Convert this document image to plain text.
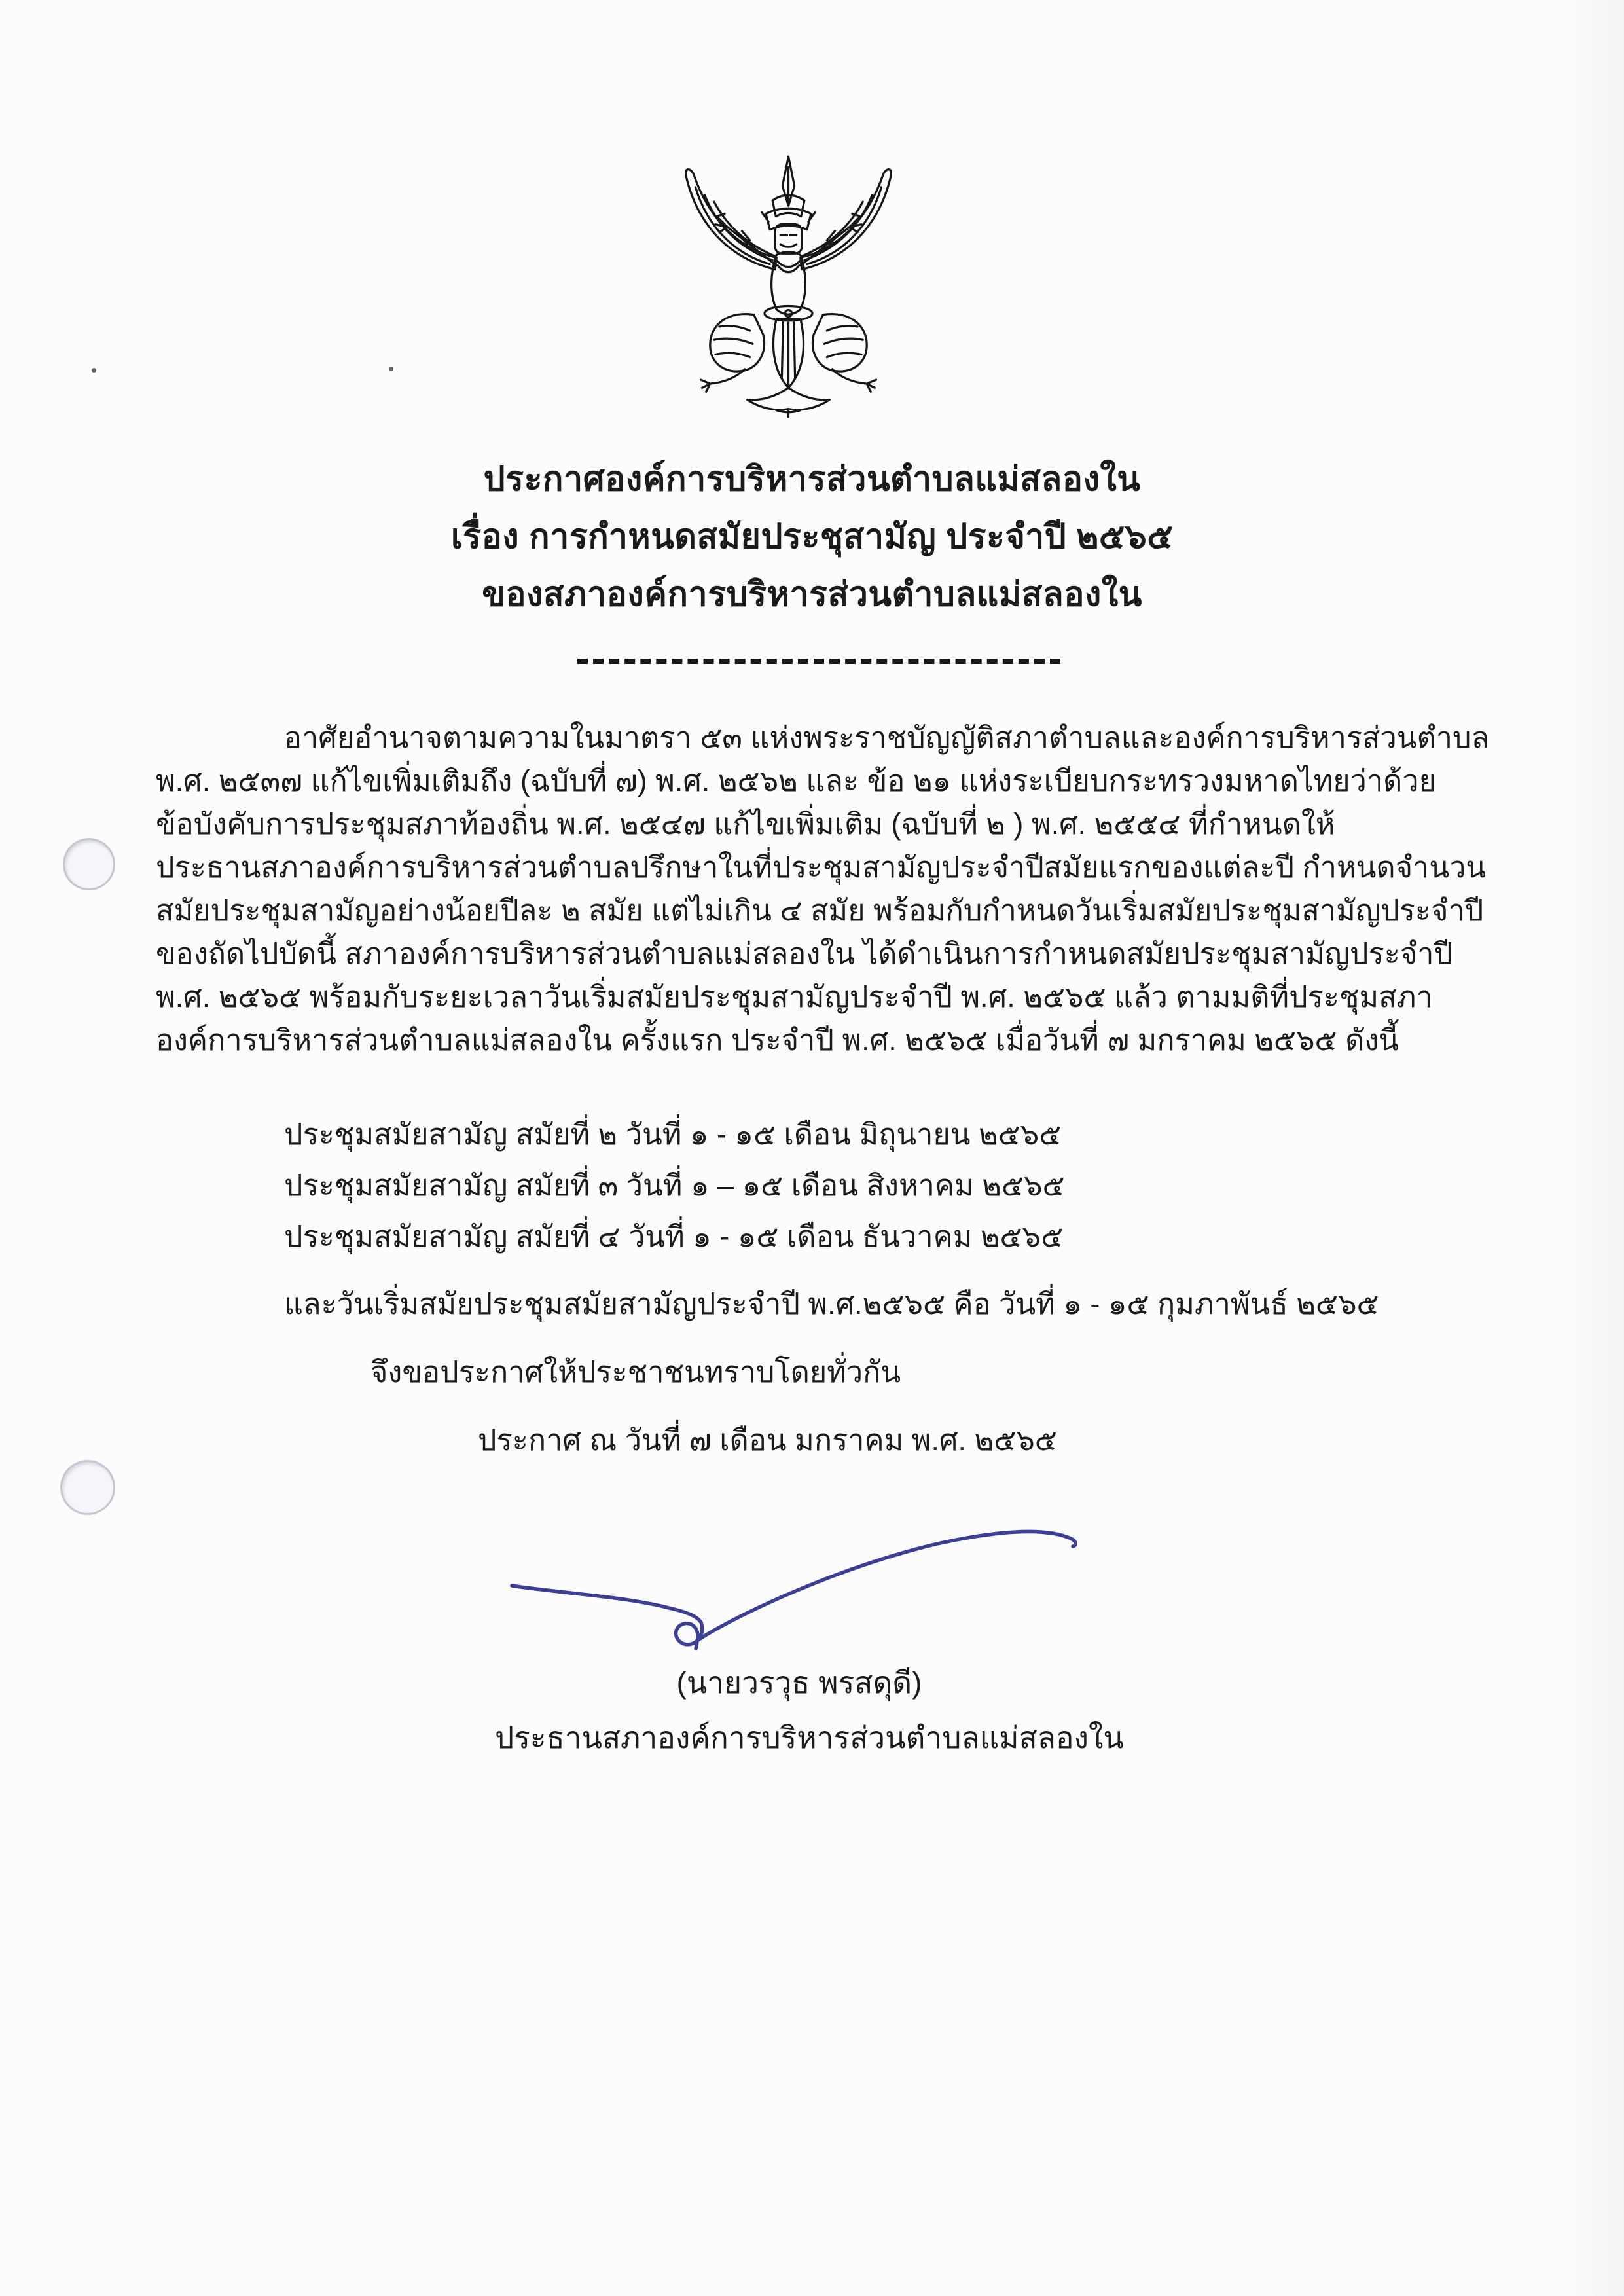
ประกาศองค์การบริหารส่วนตำบลแม่สลองใน
เรื่อง การกำหนดสมัยประชุสามัญ ประจำปี ๒๕๖๕
ของสภาองค์การบริหารส่วนตำบลแม่สลองใน
อาศัยอำนาจตามความในมาตรา ๕๓ แห่งพระราชบัญญัติสภาตำบลและองค์การบริหารส่วนตำบล
พ.ศ. ๒๕๓๗ แก้ไขเพิ่มเติมถึง (ฉบับที่ ๗) พ.ศ. ๒๕๖๒ และ ข้อ ๒๑ แห่งระเบียบกระทรวงมหาดไทยว่าด้วย
ข้อบังคับการประชุมสภาท้องถิ่น พ.ศ. ๒๕๔๗ แก้ไขเพิ่มเติม (ฉบับที่ ๒ ) พ.ศ. ๒๕๕๔ ที่กำหนดให้
ประธานสภาองค์การบริหารส่วนตำบลปรึกษาในที่ประชุมสามัญประจำปีสมัยแรกของแต่ละปี กำหนดจำนวน
สมัยประชุมสามัญอย่างน้อยปีละ ๒ สมัย แต่ไม่เกิน ๔ สมัย พร้อมกับกำหนดวันเริ่มสมัยประชุมสามัญประจำปี
ของถัดไปบัดนี้ สภาองค์การบริหารส่วนตำบลแม่สลองใน ได้ดำเนินการกำหนดสมัยประชุมสามัญประจำปี
พ.ศ. ๒๕๖๕ พร้อมกับระยะเวลาวันเริ่มสมัยประชุมสามัญประจำปี พ.ศ. ๒๕๖๕ แล้ว ตามมติที่ประชุมสภา
องค์การบริหารส่วนตำบลแม่สลองใน ครั้งแรก ประจำปี พ.ศ. ๒๕๖๕ เมื่อวันที่ ๗ มกราคม ๒๕๖๕ ดังนี้
ประชุมสมัยสามัญ สมัยที่ ๒ วันที่ ๑ - ๑๕ เดือน มิถุนายน ๒๕๖๕
ประชุมสมัยสามัญ สมัยที่ ๓ วันที่ ๑ – ๑๕ เดือน สิงหาคม ๒๕๖๕
ประชุมสมัยสามัญ สมัยที่ ๔ วันที่ ๑ - ๑๕ เดือน ธันวาคม ๒๕๖๕
และวันเริ่มสมัยประชุมสมัยสามัญประจำปี พ.ศ.๒๕๖๕ คือ วันที่ ๑ - ๑๕ กุมภาพันธ์ ๒๕๖๕
จึงขอประกาศให้ประชาชนทราบโดยทั่วกัน
ประกาศ ณ วันที่ ๗ เดือน มกราคม พ.ศ. ๒๕๖๕
(นายวรวุธ พรสดุดี)
ประธานสภาองค์การบริหารส่วนตำบลแม่สลองใน
